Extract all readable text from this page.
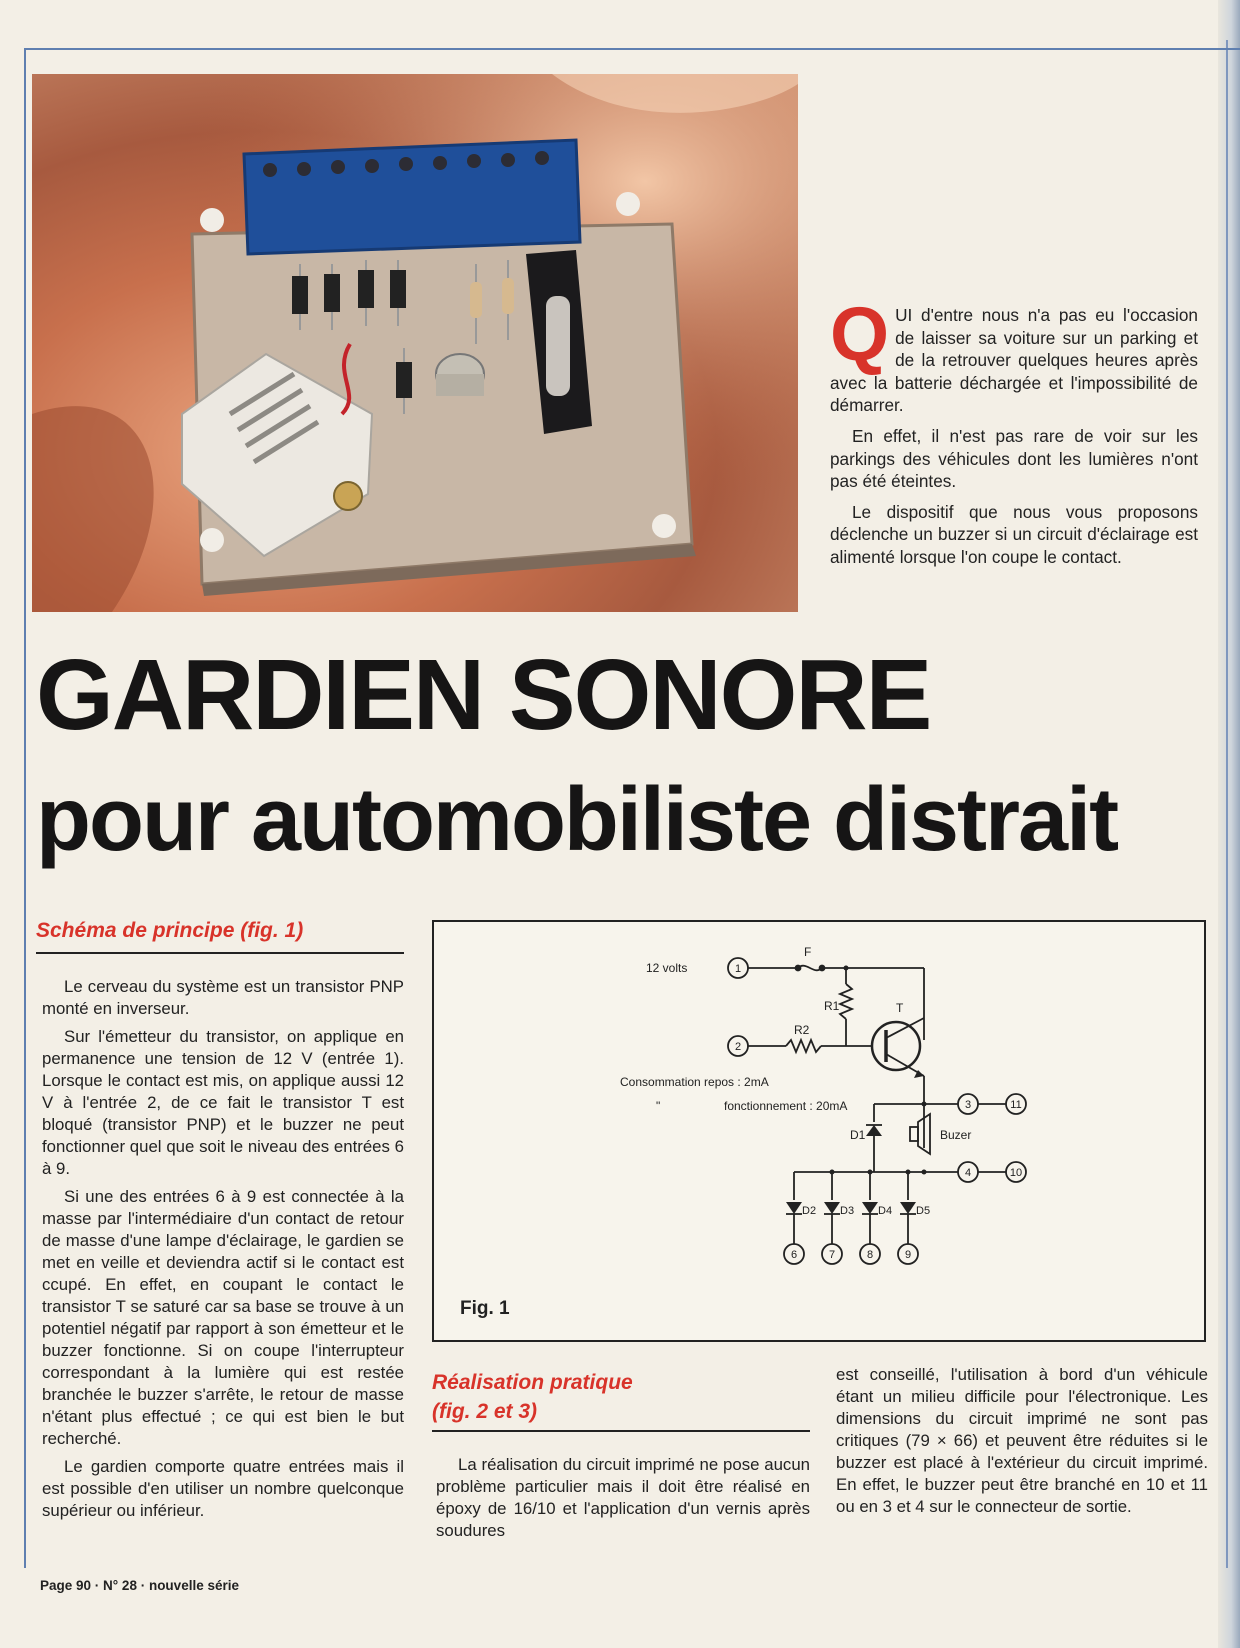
QUI d'entre nous n'a pas eu l'occasion de laisser sa voiture sur un parking et de la retrouver quelques heures après avec la batterie déchargée et l'impossibilité de démarrer.

En effet, il n'est pas rare de voir sur les parkings des véhicules dont les lumières n'ont pas été éteintes.

Le dispositif que nous vous proposons déclenche un buzzer si un circuit d'éclairage est alimenté lorsque l'on coupe le contact.

GARDIEN SONORE
pour automobiliste distrait
Schéma de principe (fig. 1)

Le cerveau du système est un transistor PNP monté en inverseur.

Sur l'émetteur du transistor, on applique en permanence une tension de 12 V (entrée 1). Lorsque le contact est mis, on applique aussi 12 V à l'entrée 2, de ce fait le transistor T est bloqué (transistor PNP) et le buzzer ne peut fonctionner quel que soit le niveau des entrées 6 à 9.

Si une des entrées 6 à 9 est connectée à la masse par l'intermédiaire d'un contact de retour de masse d'une lampe d'éclairage, le gardien se met en veille et deviendra actif si le contact est ccupé. En effet, en coupant le contact le transistor T se saturé car sa base se trouve à un potentiel négatif par rapport à son émetteur et le buzzer fonctionne. Si on coupe l'interrupteur correspondant à la lumière qui est restée branchée le buzzer s'arrête, le retour de masse n'étant plus effectué ; ce qui est bien le but recherché.

Le gardien comporte quatre entrées mais il est possible d'en utiliser un nombre quelconque supérieur ou inférieur.

12 volts
F
R1
R2
T
Consommation repos : 2mA
"	fonctionnement : 20mA
D1	Buzer
D2 D3 D4 D5
1
2
3	11
4	10
6	7	8	9
Fig. 1
Réalisation pratique
(fig. 2 et 3)

La réalisation du circuit imprimé ne pose aucun problème particulier mais il doit être réalisé en époxy de 16/10 et l'application d'un vernis après soudures

est conseillé, l'utilisation à bord d'un véhicule étant un milieu difficile pour l'électronique. Les dimensions du circuit imprimé ne sont pas critiques (79 × 66) et peuvent être réduites si le buzzer est placé à l'extérieur du circuit imprimé. En effet, le buzzer peut être branché en 10 et 11 ou en 3 et 4 sur le connecteur de sortie.

Page 90 · N° 28 · nouvelle série
